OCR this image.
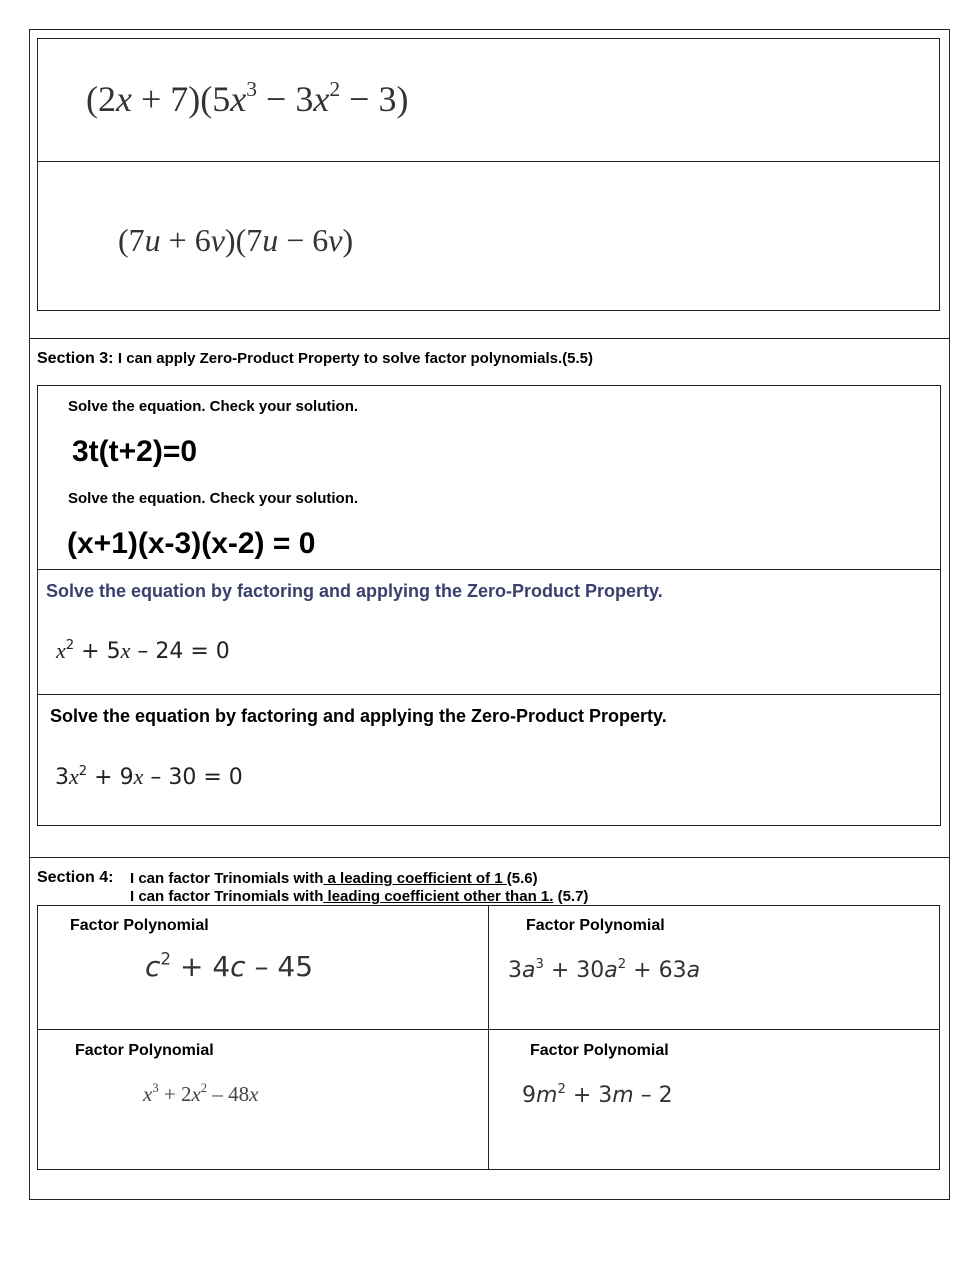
$(2x + 7)(5x^3 - 3x^2 - 3)$
(7u + 6v)(7u − 6v)
Section 3: I can apply Zero-Product Property to solve factor polynomials.(5.5)
Solve the equation. Check your solution.
3t(t+2)=0
Solve the equation. Check your solution.
(x+1)(x-3)(x-2) = 0
Solve the equation by factoring and applying the Zero-Product Property.
$x^2 + 5x - 24 = 0$
Solve the equation by factoring and applying the Zero-Product Property.
$3x^2 + 9x - 30 = 0$
Section 4: I can factor Trinomials with a leading coefficient of 1 (5.6)
I can factor Trinomials with leading coefficient other than 1. (5.7)
Factor Polynomial
$c^2 + 4c - 45$
Factor Polynomial
$3a^3 + 30a^2 + 63a$
Factor Polynomial
$x^3 + 2x^2 - 48x$
Factor Polynomial
$9m^2 + 3m - 2$
